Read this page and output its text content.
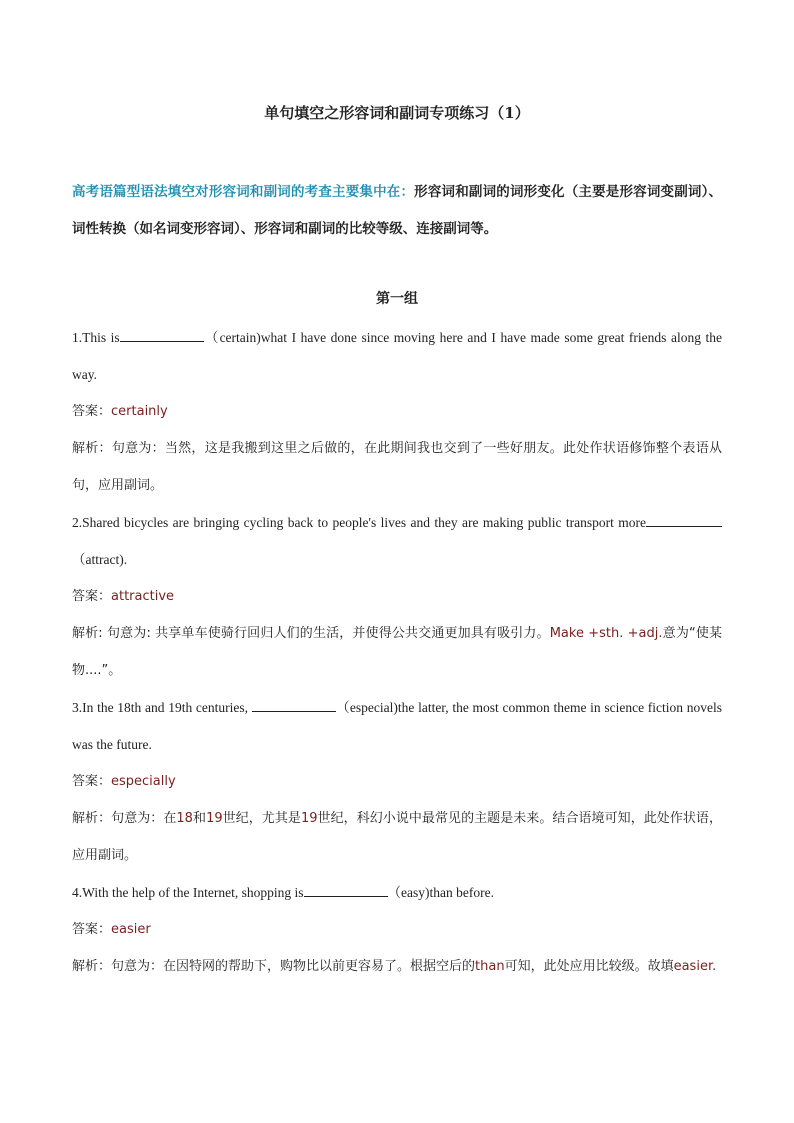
单句填空之形容词和副词专项练习（1）
高考语篇型语法填空对形容词和副词的考查主要集中在：形容词和副词的词形变化（主要是形容词变副词）、词性转换（如名词变形容词）、形容词和副词的比较等级、连接副词等。
第一组

1.This is	（certain)what I have done since moving here and I have made some great friends along the way.

答案：certainly

解析：句意为：当然，这是我搬到这里之后做的，在此期间我也交到了一些好朋友。此处作状语修饰整个表语从句，应用副词。

2.Shared bicycles are bringing cycling back to people's lives and they are making public transport more（attract).

答案：attractive

解析: 句意为: 共享单车使骑行回归人们的生活，并使得公共交通更加具有吸引力。Make +sth. +adj.意为“使某物....”。

3.In the 18th and 19th centuries,	（especial)the latter, the most common theme in science fiction novels was the future.

答案：especially

解析：句意为：在18和19世纪，尤其是19世纪，科幻小说中最常见的主题是未来。结合语境可知，此处作状语，应用副词。

4.With the help of the Internet, shopping is	（easy)than before.

答案：easier

解析：句意为：在因特网的帮助下，购物比以前更容易了。根据空后的than可知，此处应用比较级。故填easier.
